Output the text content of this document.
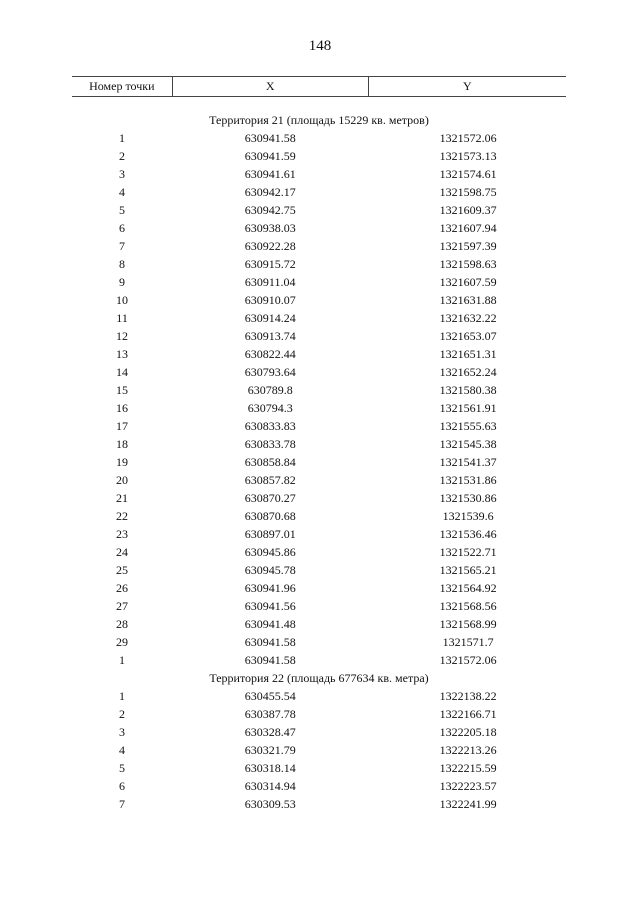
148
Номер точки	X	Y

Территория 21 (площадь 15229 кв. метров)		
1	630941.58	1321572.06
2	630941.59	1321573.13
3	630941.61	1321574.61
4	630942.17	1321598.75
5	630942.75	1321609.37
6	630938.03	1321607.94
7	630922.28	1321597.39
8	630915.72	1321598.63
9	630911.04	1321607.59
10	630910.07	1321631.88
11	630914.24	1321632.22
12	630913.74	1321653.07
13	630822.44	1321651.31
14	630793.64	1321652.24
15	630789.8	1321580.38
16	630794.3	1321561.91
17	630833.83	1321555.63
18	630833.78	1321545.38
19	630858.84	1321541.37
20	630857.82	1321531.86
21	630870.27	1321530.86
22	630870.68	1321539.6
23	630897.01	1321536.46
24	630945.86	1321522.71
25	630945.78	1321565.21
26	630941.96	1321564.92
27	630941.56	1321568.56
28	630941.48	1321568.99
29	630941.58	1321571.7
1	630941.58	1321572.06
Территория 22 (площадь 677634 кв. метра)		
1	630455.54	1322138.22
2	630387.78	1322166.71
3	630328.47	1322205.18
4	630321.79	1322213.26
5	630318.14	1322215.59
6	630314.94	1322223.57
7	630309.53	1322241.99
